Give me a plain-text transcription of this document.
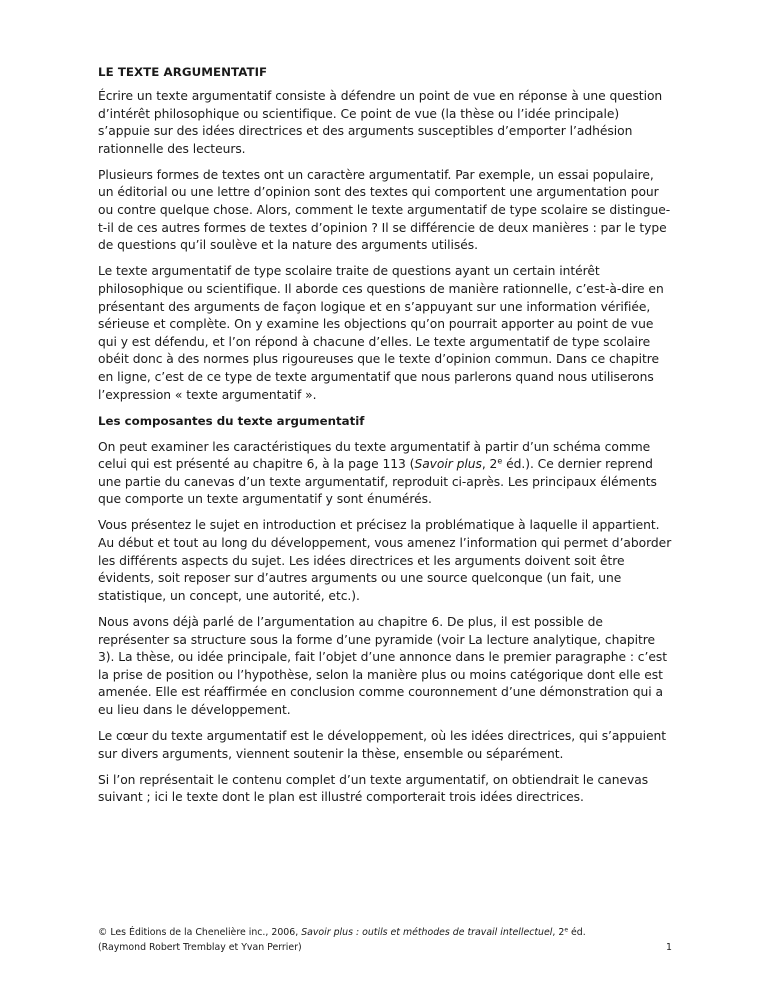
LE TEXTE ARGUMENTATIF

Écrire un texte argumentatif consiste à défendre un point de vue en réponse à une question d’intérêt philosophique ou scientifique. Ce point de vue (la thèse ou l’idée principale) s’appuie sur des idées directrices et des arguments susceptibles d’emporter l’adhésion rationnelle des lecteurs.

Plusieurs formes de textes ont un caractère argumentatif. Par exemple, un essai populaire, un éditorial ou une lettre d’opinion sont des textes qui comportent une argumentation pour ou contre quelque chose. Alors, comment le texte argumentatif de type scolaire se distingue-t-il de ces autres formes de textes d’opinion ? Il se différencie de deux manières : par le type de questions qu’il soulève et la nature des arguments utilisés.

Le texte argumentatif de type scolaire traite de questions ayant un certain intérêt philosophique ou scientifique. Il aborde ces questions de manière rationnelle, c’est-à-dire en présentant des arguments de façon logique et en s’appuyant sur une information vérifiée, sérieuse et complète. On y examine les objections qu’on pourrait apporter au point de vue qui y est défendu, et l’on répond à chacune d’elles. Le texte argumentatif de type scolaire obéit donc à des normes plus rigoureuses que le texte d’opinion commun. Dans ce chapitre en ligne, c’est de ce type de texte argumentatif que nous parlerons quand nous utiliserons l’expression « texte argumentatif ».

Les composantes du texte argumentatif

On peut examiner les caractéristiques du texte argumentatif à partir d’un schéma comme celui qui est présenté au chapitre 6, à la page 113 (Savoir plus, 2e éd.). Ce dernier reprend une partie du canevas d’un texte argumentatif, reproduit ci-après. Les principaux éléments que comporte un texte argumentatif y sont énumérés.

Vous présentez le sujet en introduction et précisez la problématique à laquelle il appartient. Au début et tout au long du développement, vous amenez l’information qui permet d’aborder les différents aspects du sujet. Les idées directrices et les arguments doivent soit être évidents, soit reposer sur d’autres arguments ou une source quelconque (un fait, une statistique, un concept, une autorité, etc.).

Nous avons déjà parlé de l’argumentation au chapitre 6. De plus, il est possible de représenter sa structure sous la forme d’une pyramide (voir La lecture analytique, chapitre 3). La thèse, ou idée principale, fait l’objet d’une annonce dans le premier paragraphe : c’est la prise de position ou l’hypothèse, selon la manière plus ou moins catégorique dont elle est amenée. Elle est réaffirmée en conclusion comme couronnement d’une démonstration qui a eu lieu dans le développement.

Le cœur du texte argumentatif est le développement, où les idées directrices, qui s’appuient sur divers arguments, viennent soutenir la thèse, ensemble ou séparément.

Si l’on représentait le contenu complet d’un texte argumentatif, on obtiendrait le canevas suivant ; ici le texte dont le plan est illustré comporterait trois idées directrices.

© Les Éditions de la Chenelière inc., 2006, Savoir plus : outils et méthodes de travail intellectuel, 2e éd.
(Raymond Robert Tremblay et Yvan Perrier)	1
